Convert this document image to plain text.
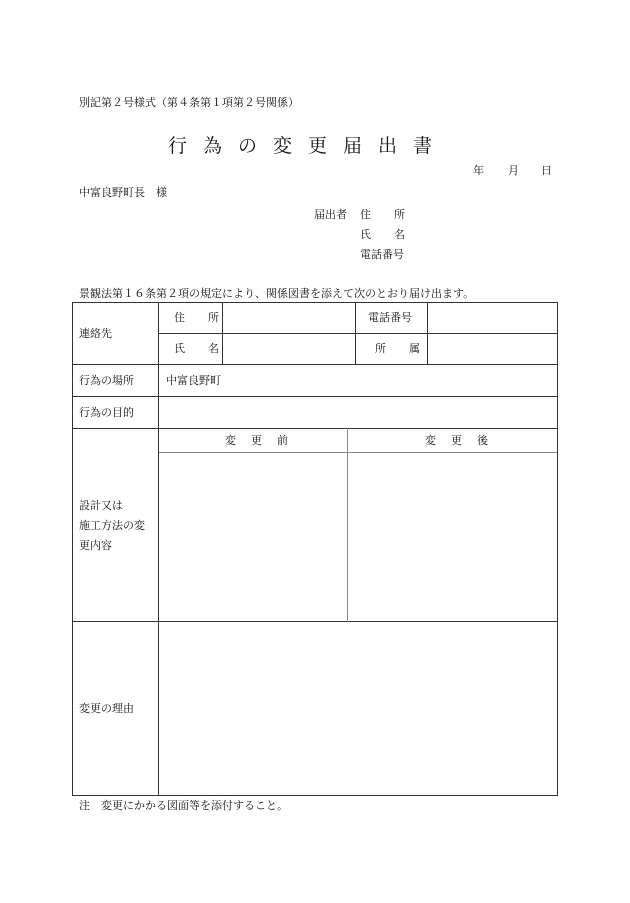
別記第２号様式（第４条第１項第２号関係）
行為の変更届出書
年 月 日
中富良野町長　様
届出者 住　所
氏　名
電話番号
景観法第１６条第２項の規定により、関係図書を添えて次のとおり届け出ます。
連絡先
住　所	電話番号
氏　名	所　属
行為の場所	中富良野町
行為の目的
変　更　前	変　更　後
設計又は
施工方法の変
更内容
変更の理由
注　変更にかかる図面等を添付すること。
